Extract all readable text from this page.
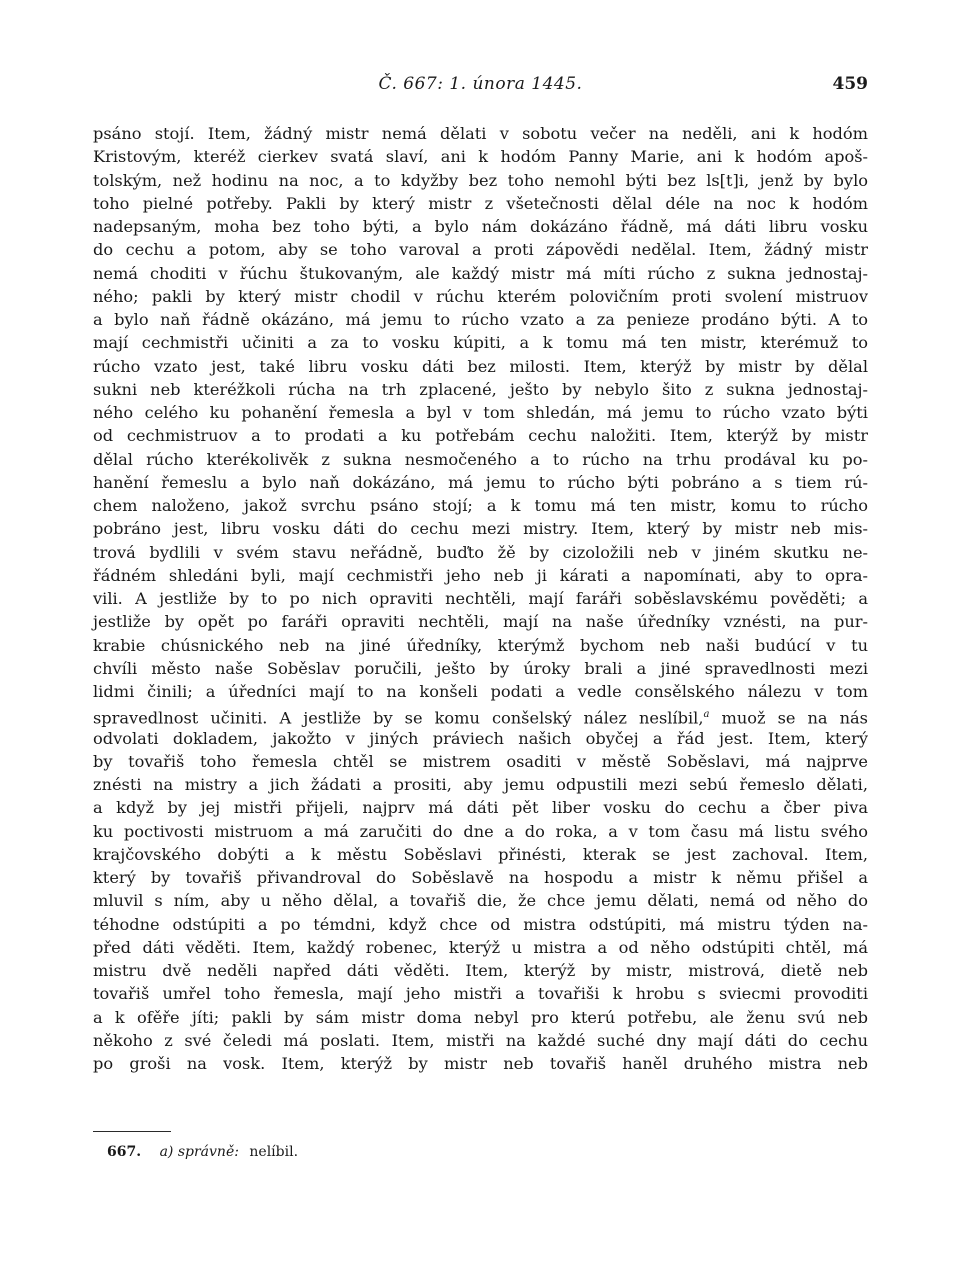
Č. 667: 1. února 1445.	459
psáno stojí. Item, žádný mistr nemá dělati v sobotu večer na neděli, ani k hodóm
Kristovým, kteréž cierkev svatá slaví, ani k hodóm Panny Marie, ani k hodóm apoš-
tolským, než hodinu na noc, a to kdyžby bez toho nemohl býti bez ls[t]i, jenž by bylo
toho pielné potřeby. Pakli by který mistr z všetečnosti dělal déle na noc k hodóm
nadepsaným, moha bez toho býti, a bylo nám dokázáno řádně, má dáti libru vosku
do cechu a potom, aby se toho varoval a proti zápovědi nedělal. Item, žádný mistr
nemá choditi v řúchu štukovaným, ale každý mistr má míti rúcho z sukna jednostaj-
ného; pakli by který mistr chodil v rúchu kterém polovičním proti svolení mistruov
a bylo naň řádně okázáno, má jemu to rúcho vzato a za penieze prodáno býti. A to
mají cechmistři učiniti a za to vosku kúpiti, a k tomu má ten mistr, kterémuž to
rúcho vzato jest, také libru vosku dáti bez milosti. Item, kterýž by mistr by dělal
sukni neb kteréžkoli rúcha na trh zplacené, ješto by nebylo šito z sukna jednostaj-
ného celého ku pohanění řemesla a byl v tom shledán, má jemu to rúcho vzato býti
od cechmistruov a to prodati a ku potřebám cechu naložiti. Item, kterýž by mistr
dělal rúcho kterékolivěk z sukna nesmočeného a to rúcho na trhu prodával ku po-
hanění řemeslu a bylo naň dokázáno, má jemu to rúcho býti pobráno a s tiem rú-
chem naloženo, jakož svrchu psáno stojí; a k tomu má ten mistr, komu to rúcho
pobráno jest, libru vosku dáti do cechu mezi mistry. Item, který by mistr neb mis-
trová bydlili v svém stavu neřádně, buďto žě by cizoložili neb v jiném skutku ne-
řádném shledáni byli, mají cechmistři jeho neb ji kárati a napomínati, aby to opra-
vili. A jestliže by to po nich opraviti nechtěli, mají faráři soběslavskému pověděti; a
jestliže by opět po faráři opraviti nechtěli, mají na naše úředníky vznésti, na pur-
krabie chúsnického neb na jiné úředníky, kterýmž bychom neb naši budúcí v tu
chvíli město naše Soběslav poručili, ješto by úroky brali a jiné spravedlnosti mezi
lidmi činili; a úředníci mají to na konšeli podati a vedle consělského nálezu v tom
spravedlnost učiniti. A jestliže by se komu conšelský nález neslíbil,$^a$ muož se na nás
odvolati dokladem, jakožto v jiných práviech našich obyčej a řád jest. Item, který
by tovařiš toho řemesla chtěl se mistrem osaditi v městě Soběslavi, má najprve
znésti na mistry a jich žádati a prositi, aby jemu odpustili mezi sebú řemeslo dělati,
a když by jej mistři přijeli, najprv má dáti pět liber vosku do cechu a čber piva
ku poctivosti mistruom a má zaručiti do dne a do roka, a v tom času má listu svého
krajčovského dobýti a k městu Soběslavi přinésti, kterak se jest zachoval. Item,
který by tovařiš přivandroval do Soběslavě na hospodu a mistr k němu přišel a
mluvil s ním, aby u něho dělal, a tovařiš die, že chce jemu dělati, nemá od něho do
téhodne odstúpiti a po témdni, když chce od mistra odstúpiti, má mistru týden na-
před dáti věděti. Item, každý robenec, kterýž u mistra a od něho odstúpiti chtěl, má
mistru dvě neděli napřed dáti věděti. Item, kterýž by mistr, mistrová, dietě neb
tovařiš umřel toho řemesla, mají jeho mistři a tovařiši k hrobu s sviecmi provoditi
a k ofěře jíti; pakli by sám mistr doma nebyl pro kterú potřebu, ale ženu svú neb
někoho z své čeledi má poslati. Item, mistři na každé suché dny mají dáti do cechu
po groši na vosk. Item, kterýž by mistr neb tovařiš haněl druhého mistra neb
667. a) správně: nelíbil.
